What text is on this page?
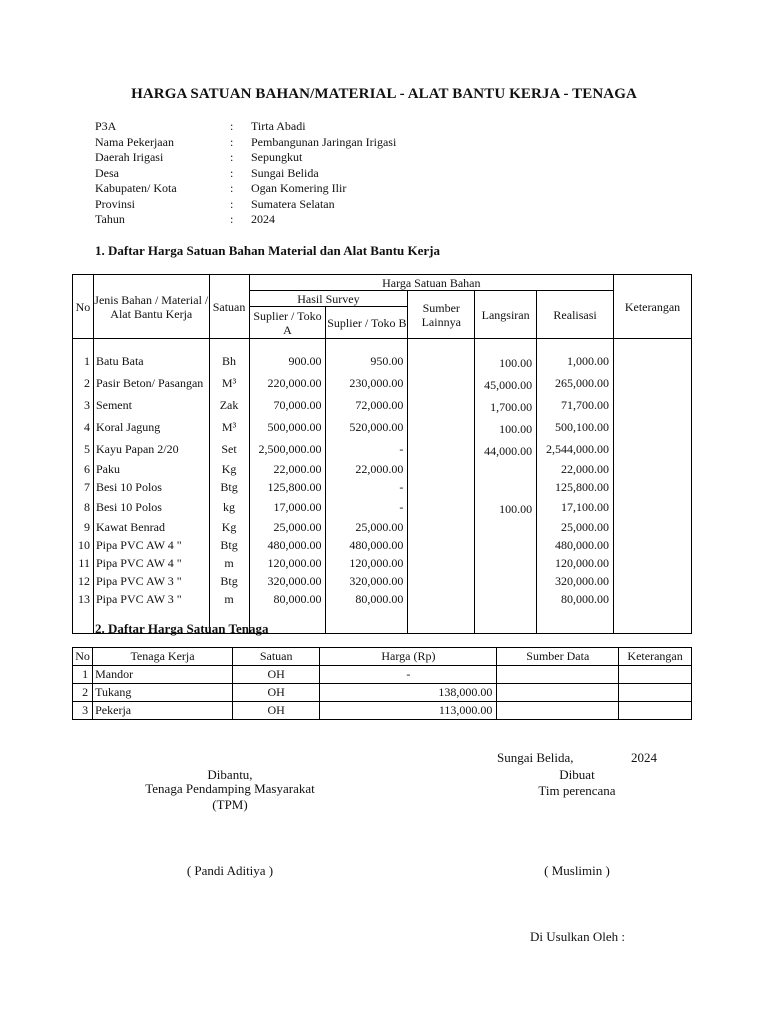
HARGA SATUAN BAHAN/MATERIAL - ALAT BANTU KERJA - TENAGA
P3A	:	Tirta Abadi
Nama Pekerjaan	:	Pembangunan Jaringan Irigasi
Daerah Irigasi	:	Sepungkut
Desa	:	Sungai Belida
Kabupaten/ Kota	:	Ogan Komering Ilir
Provinsi	:	Sumatera Selatan
Tahun	:	2024
1. Daftar Harga Satuan Bahan Material dan Alat Bantu Kerja
No	Jenis Bahan / Material / Alat Bantu Kerja	Satuan	Harga Satuan Bahan					Keterangan
			Hasil Survey		Sumber Lainnya	Langsiran	Realisasi	
			Suplier / Toko A	Suplier / Toko B				

1	Batu Bata	Bh	900.00	950.00		100.00	1,000.00	
2	Pasir Beton/ Pasangan	M³	220,000.00	230,000.00		45,000.00	265,000.00	
3	Sement	Zak	70,000.00	72,000.00		1,700.00	71,700.00	
4	Koral Jagung	M³	500,000.00	520,000.00		100.00	500,100.00	
5	Kayu Papan 2/20	Set	2,500,000.00	-		44,000.00	2,544,000.00	
6	Paku	Kg	22,000.00	22,000.00			22,000.00	
7	Besi 10 Polos	Btg	125,800.00	-			125,800.00	
8	Besi 10 Polos	kg	17,000.00	-		100.00	17,100.00	
9	Kawat Benrad	Kg	25,000.00	25,000.00			25,000.00	
10	Pipa PVC AW 4 "	Btg	480,000.00	480,000.00			480,000.00	
11	Pipa PVC AW 4 "	m	120,000.00	120,000.00			120,000.00	
12	Pipa PVC AW 3 "	Btg	320,000.00	320,000.00			320,000.00	
13	Pipa PVC AW 3 "	m	80,000.00	80,000.00			80,000.00	

2. Daftar Harga Satuan Tenaga
No	Tenaga Kerja	Satuan	Harga (Rp)	Sumber Data	Keterangan
1	Mandor	OH	-		
2	Tukang	OH	138,000.00		
3	Pekerja	OH	113,000.00		
Sungai Belida,	2024
Dibantu,
Tenaga Pendamping Masyarakat (TPM)
Dibuat
Tim perencana
( Pandi Aditiya )	( Muslimin )
Di Usulkan Oleh :
